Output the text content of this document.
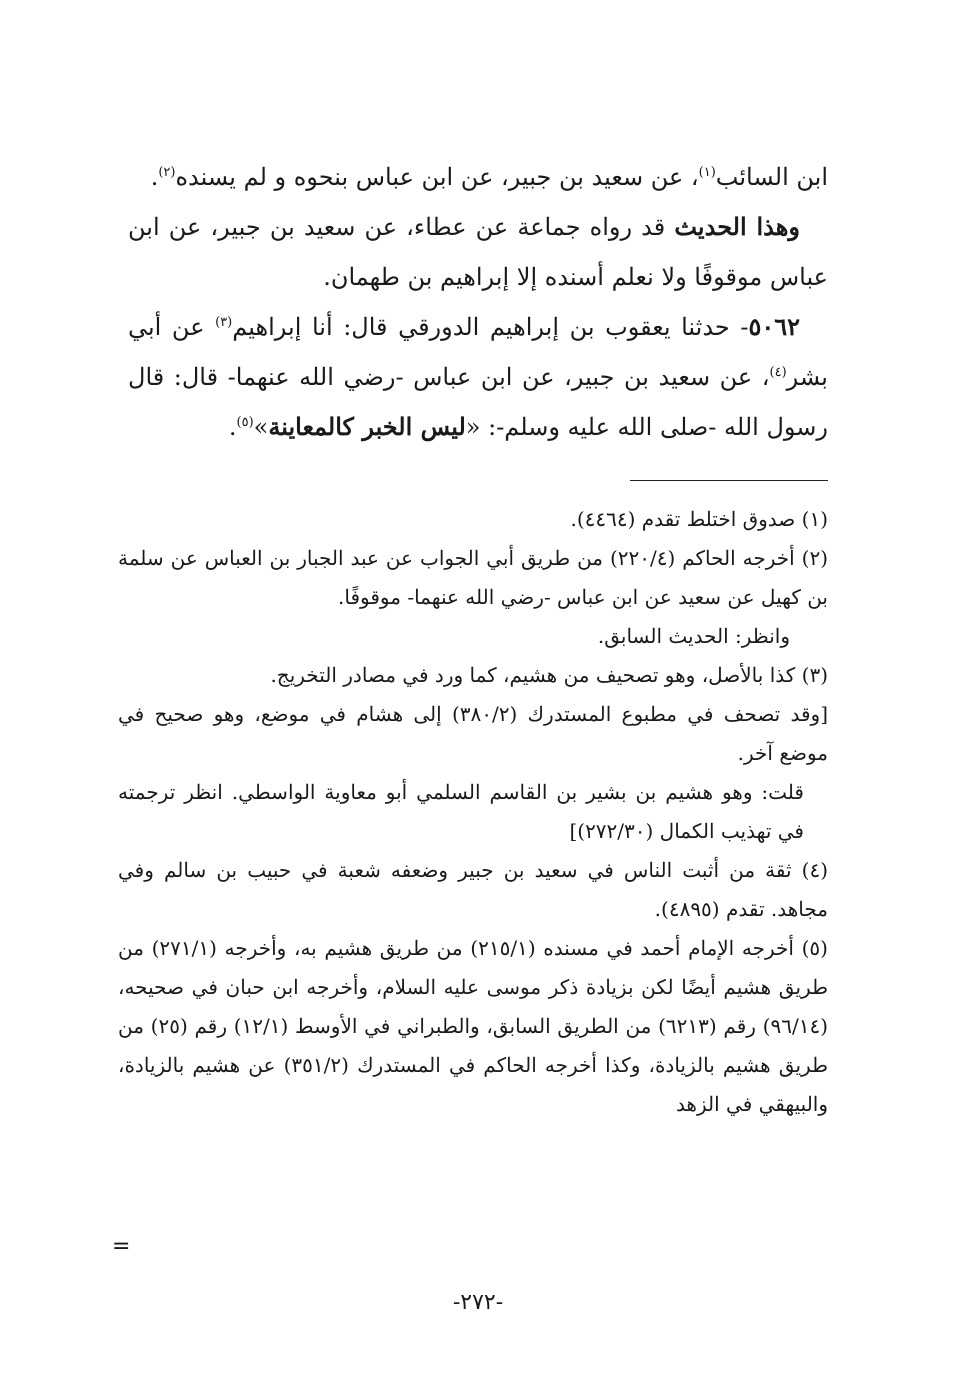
ابن السائب$^{(١)}$، عن سعيد بن جبير، عن ابن عباس بنحوه و لم يسنده$^{(٢)}$.

وهذا الحديث قد رواه جماعة عن عطاء، عن سعيد بن جبير، عن ابن عباس موقوفًا ولا نعلم أسنده إلا إبراهيم بن طهمان.

٥٠٦٢- حدثنا يعقوب بن إبراهيم الدورقي قال: أنا إبراهيم$^{(٣)}$ عن أبي بشر$^{(٤)}$، عن سعيد بن جبير، عن ابن عباس -رضي الله عنهما- قال: قال رسول الله -صلى الله عليه وسلم-: «ليس الخبر كالمعاينة»$^{(٥)}$.

(١) صدوق اختلط تقدم (٤٤٦٤).

(٢) أخرجه الحاكم (٢٢٠/٤) من طريق أبي الجواب عن عبد الجبار بن العباس عن سلمة بن كهيل عن سعيد عن ابن عباس -رضي الله عنهما- موقوفًا.

وانظر: الحديث السابق.

(٣) كذا بالأصل، وهو تصحيف من هشيم، كما ورد في مصادر التخريج.

[وقد تصحف في مطبوع المستدرك (٣٨٠/٢) إلى هشام في موضع، وهو صحيح في موضع آخر.

قلت: وهو هشيم بن بشير بن القاسم السلمي أبو معاوية الواسطي. انظر ترجمته في تهذيب الكمال (٢٧٢/٣٠)]

(٤) ثقة من أثبت الناس في سعيد بن جبير وضعفه شعبة في حبيب بن سالم وفي مجاهد. تقدم (٤٨٩٥).

(٥) أخرجه الإمام أحمد في مسنده (٢١٥/١) من طريق هشيم به، وأخرجه (٢٧١/١) من طريق هشيم أيضًا لكن بزيادة ذكر موسى عليه السلام، وأخرجه ابن حبان في صحيحه، (٩٦/١٤) رقم (٦٢١٣) من الطريق السابق، والطبراني في الأوسط (١٢/١) رقم (٢٥) من طريق هشيم بالزيادة، وكذا أخرجه الحاكم في المستدرك (٣٥١/٢) عن هشيم بالزيادة، والبيهقي في الزهد

=
-٢٧٢-
